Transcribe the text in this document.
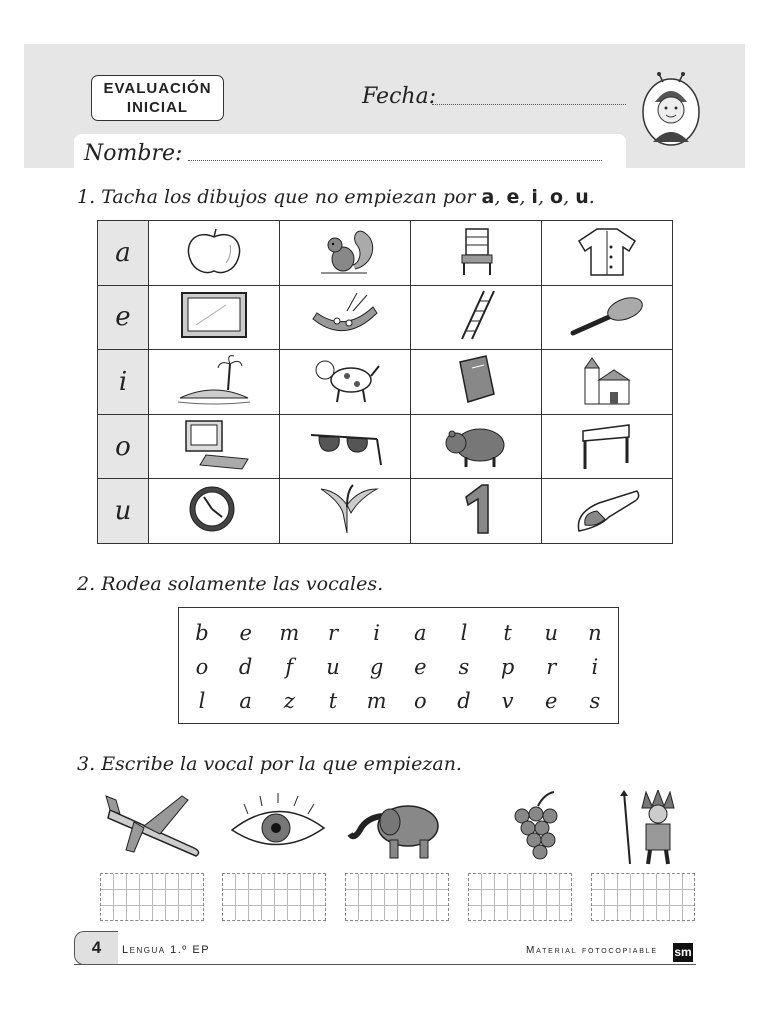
EVALUACIÓN
INICIAL	Fecha:
Nombre:
1. Tacha los dibujos que no empiezan por a, e, i, o, u.
a				
e				
i				
o				
u				
2. Rodea solamente las vocales.
b	e	m	r	i	a	l	t	u	n
o	d	f	u	g	e	s	p	r	i
l	a	z	t	m	o	d	v	e	s
3. Escribe la vocal por la que empiezan.
4	Lengua 1.º EP	Material fotocopiable sm
